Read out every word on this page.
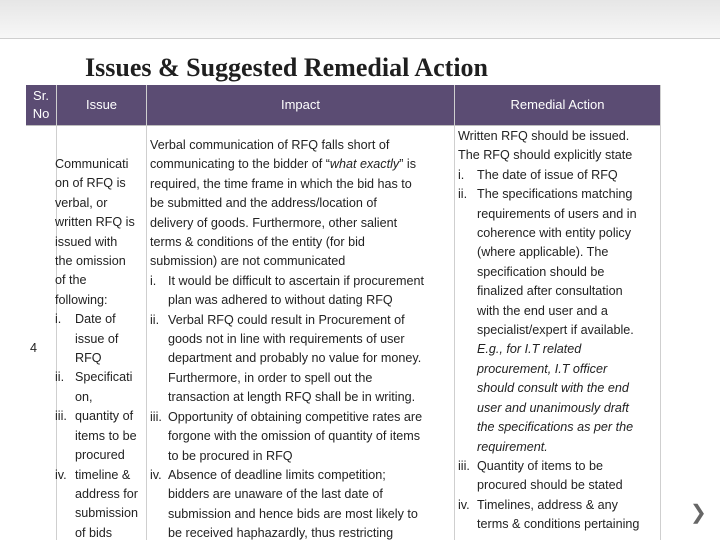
Issues & Suggested Remedial Action
Sr. No
Issue	Impact	Remedial Action
4
Communicati
on of RFQ is
verbal, or
written RFQ is
issued with
the omission
of the
following:
i. Date of
issue of
RFQ
ii. Specificati
on,
iii. quantity of
items to be
procured
iv. timeline &
address for
submission
of bids
Verbal communication of RFQ falls short of
communicating to the bidder of “what exactly” is
required, the time frame in which the bid has to
be submitted and the address/location of
delivery of goods. Furthermore, other salient
terms & conditions of the entity (for bid
submission) are not communicated
i. It would be difficult to ascertain if procurement
plan was adhered to without dating RFQ
ii. Verbal RFQ could result in Procurement of
goods not in line with requirements of user
department and probably no value for money.
Furthermore, in order to spell out the
transaction at length RFQ shall be in writing.
iii. Opportunity of obtaining competitive rates are
forgone with the omission of quantity of items
to be procured in RFQ
iv. Absence of deadline limits competition;
bidders are unaware of the last date of
submission and hence bids are most likely to
be received haphazardly, thus restricting
Written RFQ should be issued.
The RFQ should explicitly state
i. The date of issue of RFQ
ii. The specifications matching
requirements of users and in
coherence with entity policy
(where applicable). The
specification should be
finalized after consultation
with the end user and a
specialist/expert if available.
E.g., for I.T related
procurement, I.T officer
should consult with the end
user and unanimously draft
the specifications as per the
requirement.
iii. Quantity of items to be
procured should be stated
iv. Timelines, address & any
terms & conditions pertaining
❯
